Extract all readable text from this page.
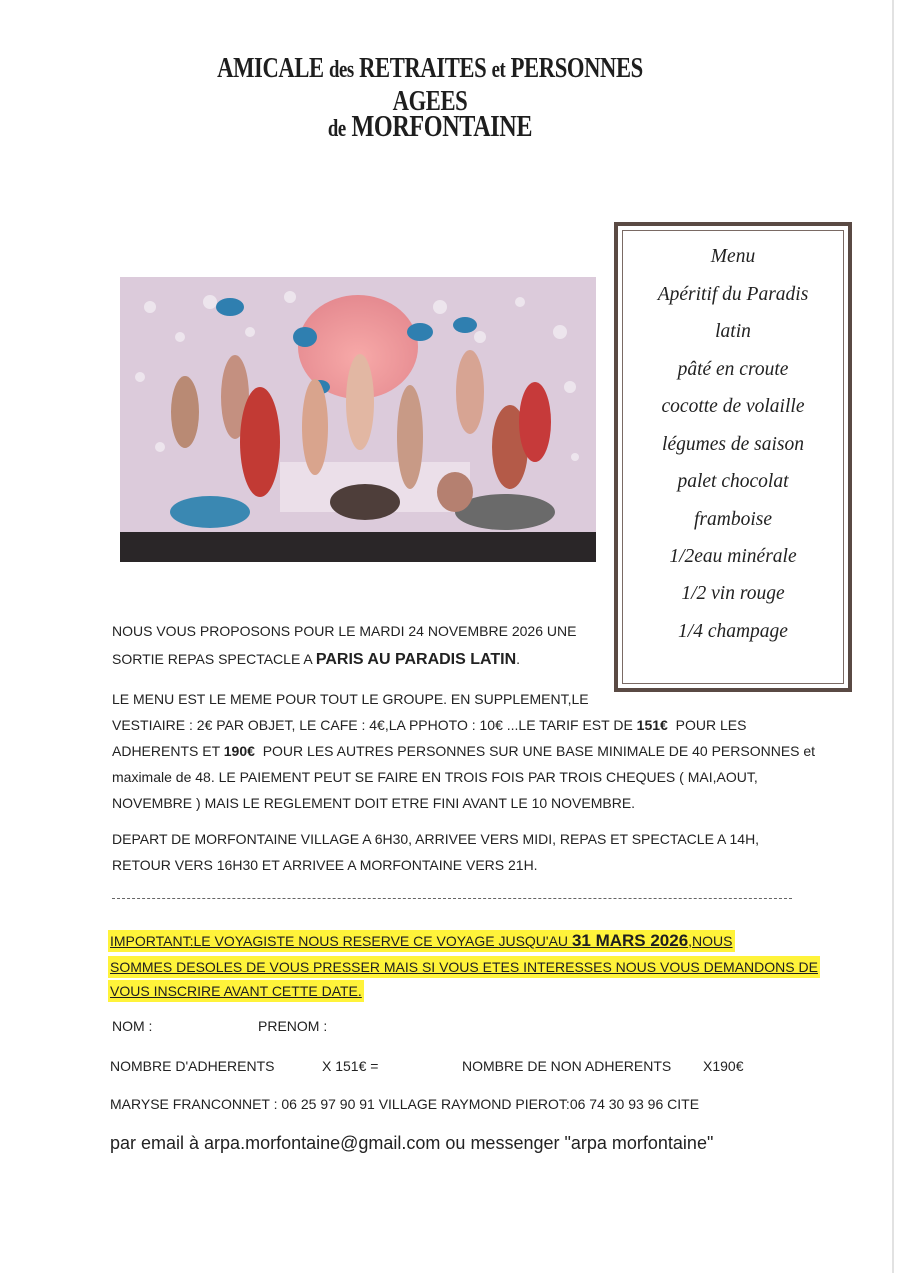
AMICALE des RETRAITES et PERSONNES AGEES
de MORFONTAINE
Menu
Apéritif du Paradis
latin
pâté en croute
cocotte de volaille
légumes de saison
palet chocolat
framboise
1/2eau minérale
1/2 vin rouge
1/4 champage
NOUS VOUS PROPOSONS POUR LE MARDI 24 NOVEMBRE 2026 UNE
SORTIE REPAS SPECTACLE A PARIS AU PARADIS LATIN.
LE MENU EST LE MEME POUR TOUT LE GROUPE. EN SUPPLEMENT,LE
VESTIAIRE : 2€ PAR OBJET, LE CAFE : 4€,LA PPHOTO : 10€ ...LE TARIF EST DE 151€  POUR LES
ADHERENTS ET 190€  POUR LES AUTRES PERSONNES SUR UNE BASE MINIMALE DE 40 PERSONNES et
maximale de 48. LE PAIEMENT PEUT SE FAIRE EN TROIS FOIS PAR TROIS CHEQUES ( MAI,AOUT,
NOVEMBRE ) MAIS LE REGLEMENT DOIT ETRE FINI AVANT LE 10 NOVEMBRE.
DEPART DE MORFONTAINE VILLAGE A 6H30, ARRIVEE VERS MIDI, REPAS ET SPECTACLE A 14H,
RETOUR VERS 16H30 ET ARRIVEE A MORFONTAINE VERS 21H.
IMPORTANT:LE VOYAGISTE NOUS RESERVE CE VOYAGE JUSQU'AU 31 MARS 2026,NOUS
SOMMES DESOLES DE VOUS PRESSER MAIS SI VOUS ETES INTERESSES NOUS VOUS DEMANDONS DE
VOUS INSCRIRE AVANT CETTE DATE.
NOM :	PRENOM :
NOMBRE D'ADHERENTS	X 151€ =	NOMBRE DE NON ADHERENTS X190€
MARYSE FRANCONNET : 06 25 97 90 91 VILLAGE RAYMOND PIEROT:06 74 30 93 96 CITE
par email à arpa.morfontaine@gmail.com ou messenger "arpa morfontaine"
